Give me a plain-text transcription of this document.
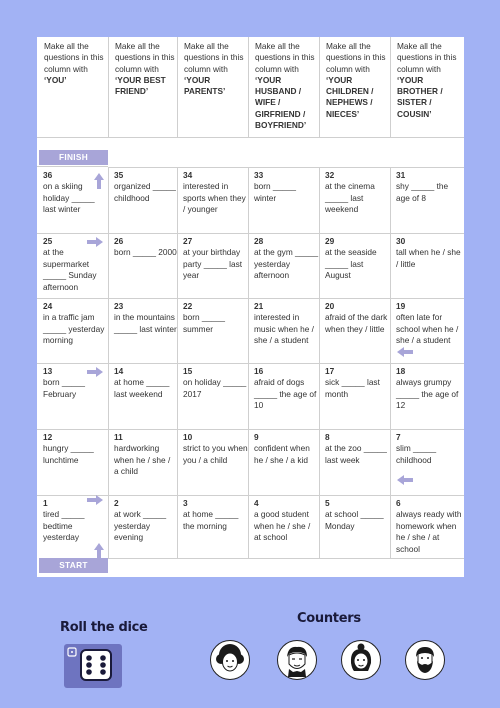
Make all the questions in this column with ‘YOU’
Make all the questions in this column with ‘YOUR BEST FRIEND’
Make all the questions in this column with ‘YOUR PARENTS’
Make all the questions in this column with ‘YOUR HUSBAND / WIFE / GIRFRIEND / BOYFRIEND’
Make all the questions in this column with ‘YOUR CHILDREN / NEPHEWS / NIECES’
Make all the questions in this column with ‘YOUR BROTHER / SISTER / COUSIN’
FINISH
START
36
on a skiing holiday _____ last winter
35
organized _____ childhood
34
interested in sports when they / younger
33
born _____ winter
32
at the cinema _____ last weekend
31
shy _____ the age of 8
25
at the supermarket _____ Sunday afternoon
26
born _____ 2000
27
at your birthday party _____ last year
28
at the gym _____ yesterday afternoon
29
at the seaside _____ last August
30
tall when he / she / little
24
in a traffic jam _____ yesterday morning
23
in the mountains _____ last winter
22
born _____ summer
21
interested in music when he / she / a student
20
afraid of the dark when they / little
19
often late for school when he / she / a student
13
born _____ February
14
at home _____ last weekend
15
on holiday _____ 2017
16
afraid of dogs _____ the age of 10
17
sick _____ last month
18
always grumpy _____ the age of 12
12
hungry _____ lunchtime
11
hardworking when he / she / a child
10
strict to you when you / a child
9
confident when he / she / a kid
8
at the zoo _____ last week
7
slim _____ childhood
1
tired _____ bedtime yesterday
2
at work _____ yesterday evening
3
at home _____ the morning
4
a good student when he / she / at school
5
at school _____ Monday
6
always ready with homework when he / she / at school
Roll the dice
Counters
